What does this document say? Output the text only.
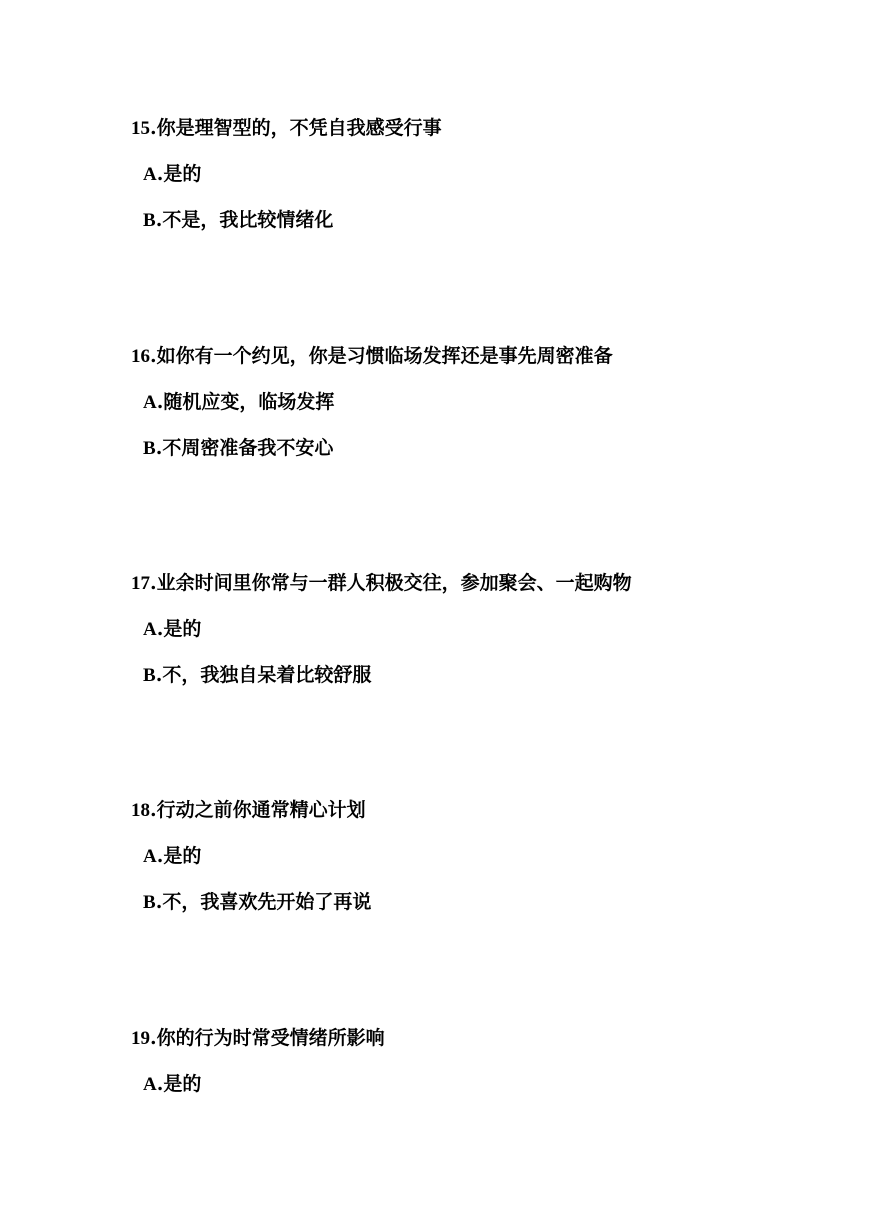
15.你是理智型的，不凭自我感受行事
A.是的
B.不是，我比较情绪化
16.如你有一个约见，你是习惯临场发挥还是事先周密准备
A.随机应变，临场发挥
B.不周密准备我不安心
17.业余时间里你常与一群人积极交往，参加聚会、一起购物
A.是的
B.不，我独自呆着比较舒服
18.行动之前你通常精心计划
A.是的
B.不，我喜欢先开始了再说
19.你的行为时常受情绪所影响
A.是的
